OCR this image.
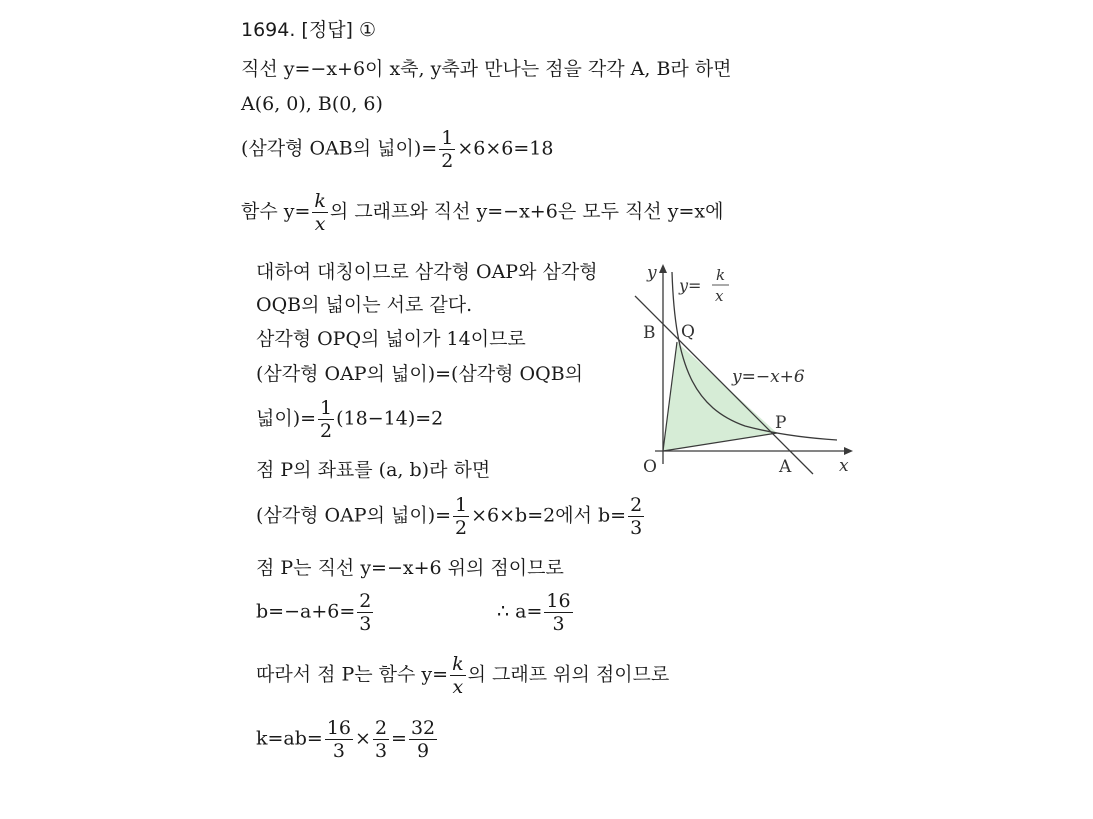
1694. [정답] ①
직선 y=−x+6이 x축, y축과 만나는 점을 각각 A, B라 하면
A(6, 0), B(0, 6)
(삼각형 OAB의 넓이)= $\frac{1}{2} \times 6\times 6=18$
함수 $y= \frac{k}{x}$ 의 그래프와 직선 y=−x+6은 모두 직선 y=x에
대하여 대칭이므로 삼각형 OAP와 삼각형
OQB의 넓이는 서로 같다.
삼각형 OPQ의 넓이가 14이므로
(삼각형 OAP의 넓이)=(삼각형 OQB의
넓이)= $\frac{1}{2} (18-14)=2$
점 P의 좌표를 (a, b)라 하면
(삼각형 OAP의 넓이)= $\frac{1}{2} \times 6\times b=2$에서 $b= \frac{2}{3}$
점 P는 직선 y=−x+6 위의 점이므로
$b=-a+6= \frac{2}{3}$	∴ $a= \frac{16}{3}$
따라서 점 P는 함수 $y= \frac{k}{x}$ 의 그래프 위의 점이므로
$k=ab= \frac{16}{3} \times \frac{2}{3} = \frac{32}{9}$
y
x
O	A
B Q
P
y=
k
x
y=−x+6
